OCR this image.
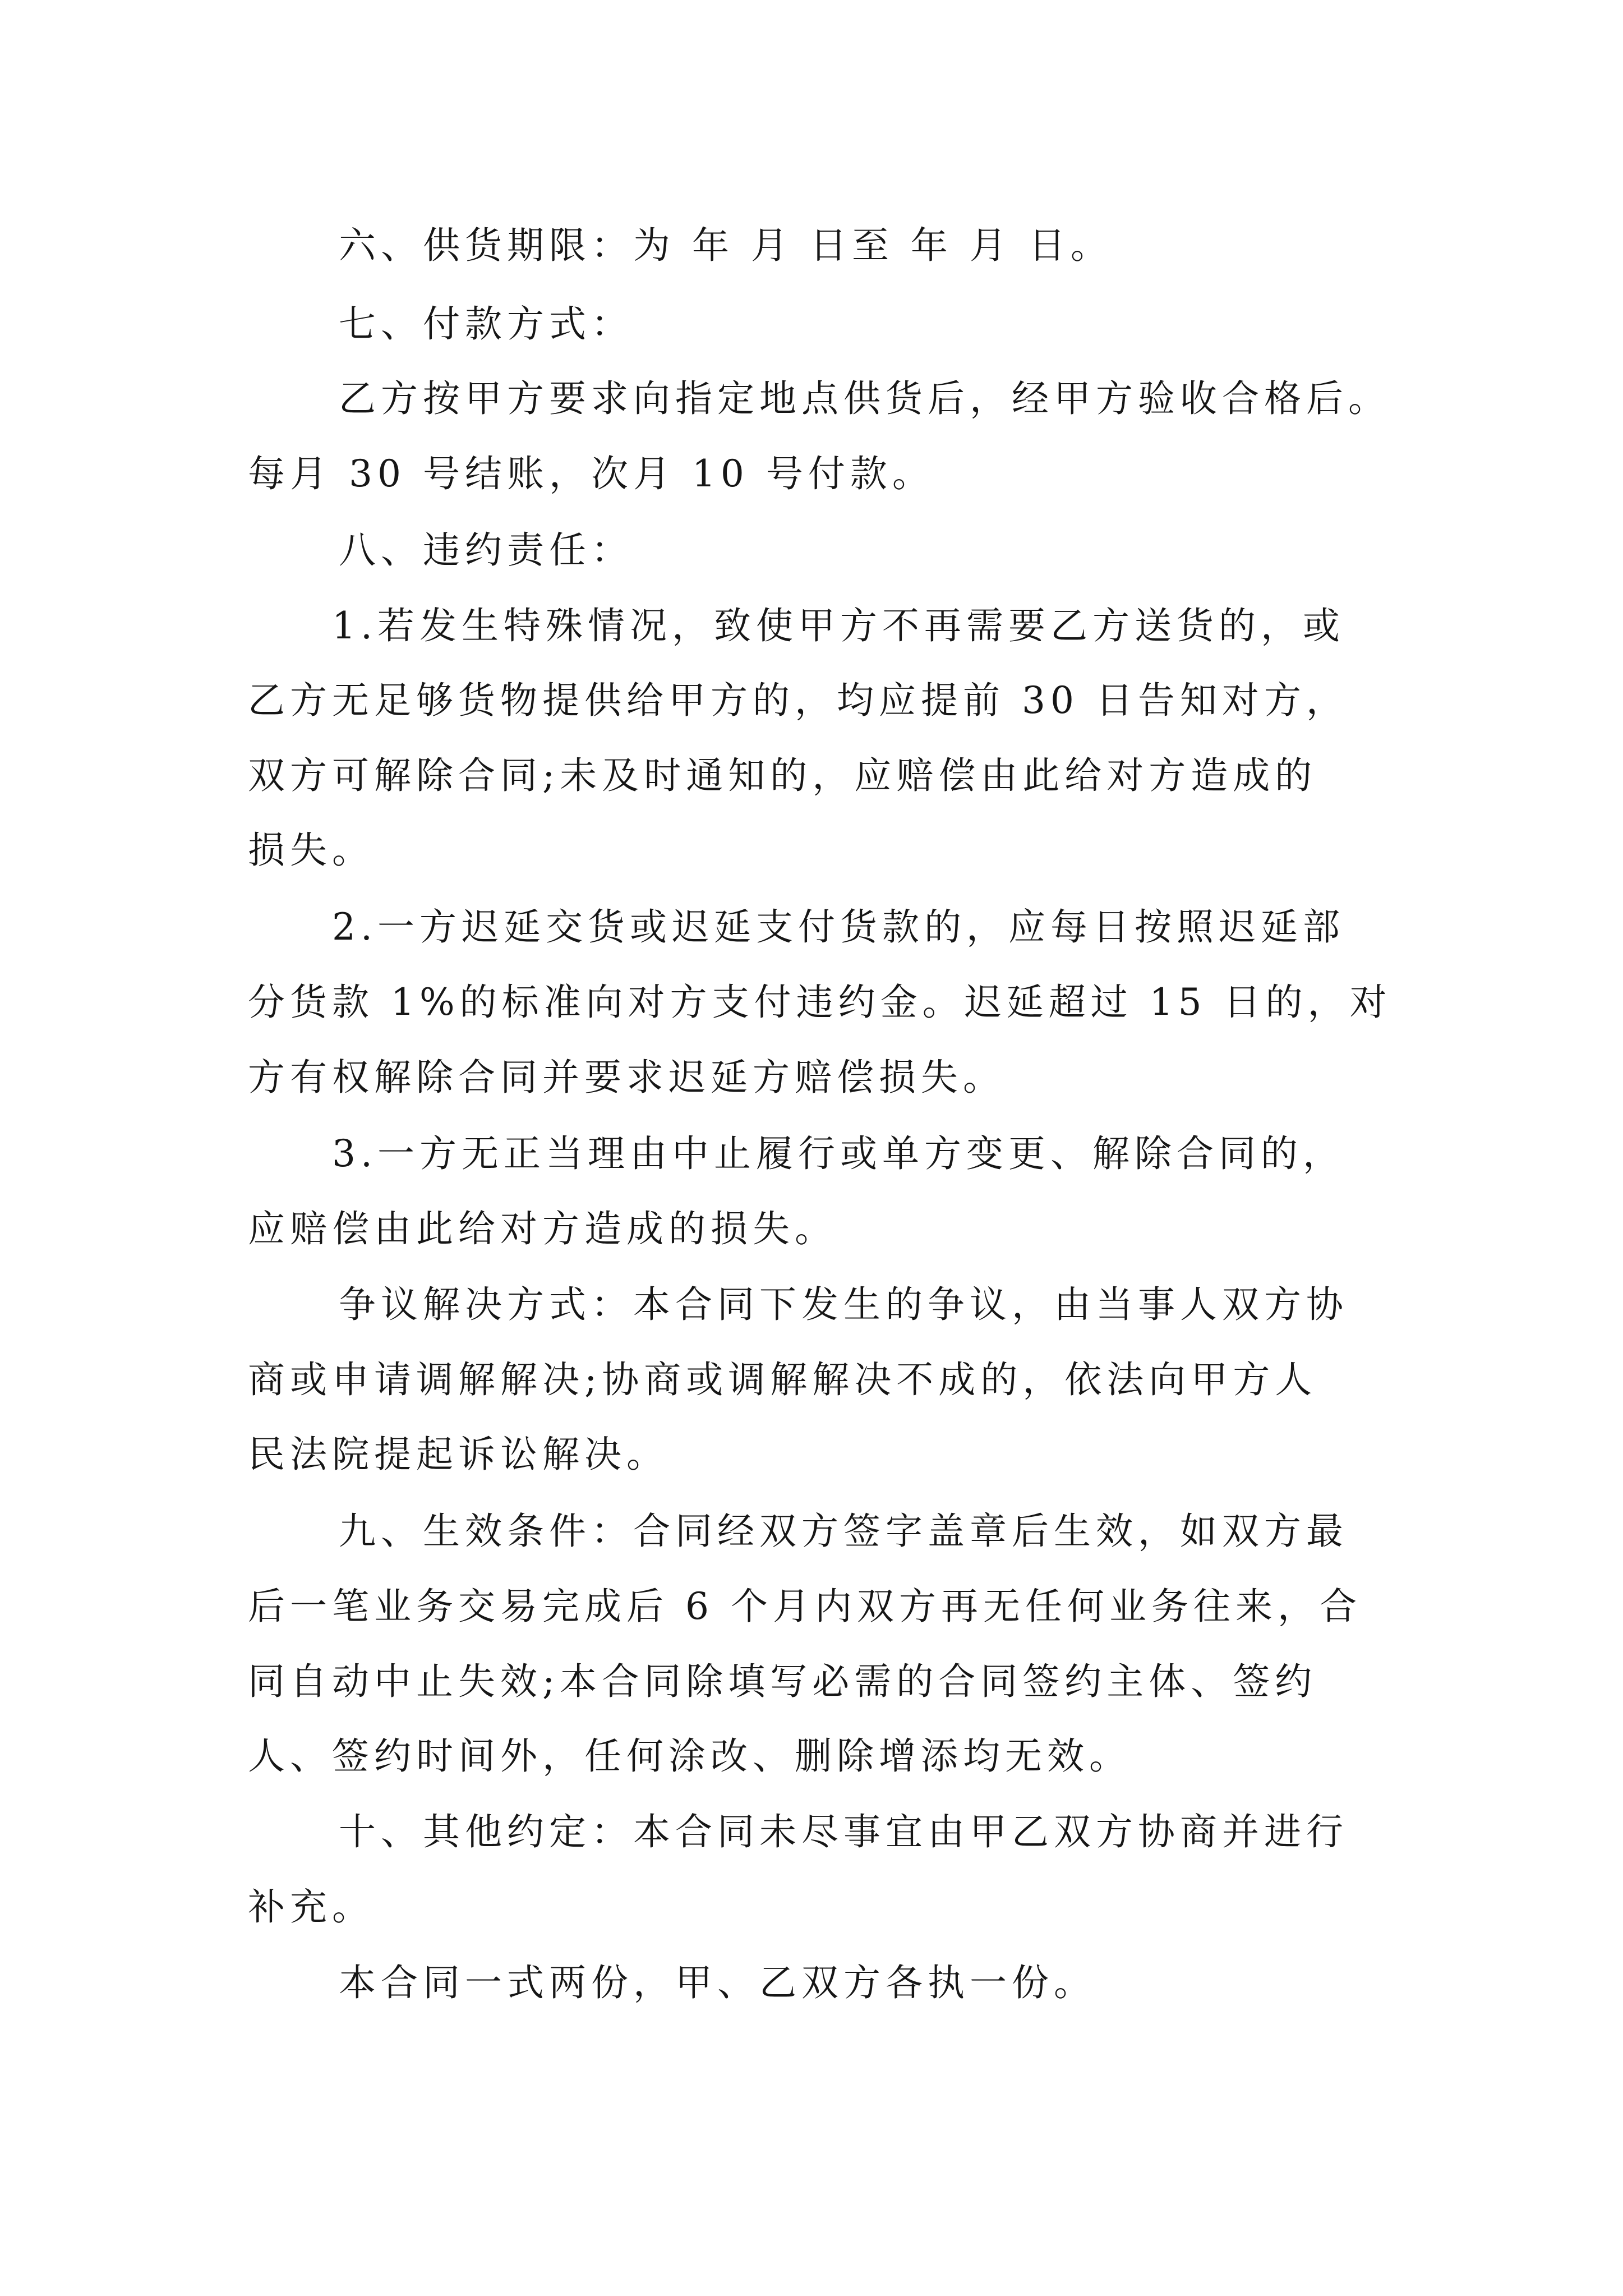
六、供货期限：为 年 月 日至 年 月 日。

七、付款方式：

乙方按甲方要求向指定地点供货后，经甲方验收合格后。

每月 30 号结账，次月 10 号付款。

八、违约责任：

1.若发生特殊情况，致使甲方不再需要乙方送货的，或

乙方无足够货物提供给甲方的，均应提前 30 日告知对方，

双方可解除合同;未及时通知的，应赔偿由此给对方造成的

损失。

2.一方迟延交货或迟延支付货款的，应每日按照迟延部

分货款 1%的标准向对方支付违约金。迟延超过 15 日的，对

方有权解除合同并要求迟延方赔偿损失。

3.一方无正当理由中止履行或单方变更、解除合同的，

应赔偿由此给对方造成的损失。

争议解决方式：本合同下发生的争议，由当事人双方协

商或申请调解解决;协商或调解解决不成的，依法向甲方人

民法院提起诉讼解决。

九、生效条件：合同经双方签字盖章后生效，如双方最

后一笔业务交易完成后 6 个月内双方再无任何业务往来，合

同自动中止失效;本合同除填写必需的合同签约主体、签约

人、签约时间外，任何涂改、删除增添均无效。

十、其他约定：本合同未尽事宜由甲乙双方协商并进行

补充。

本合同一式两份，甲、乙双方各执一份。
